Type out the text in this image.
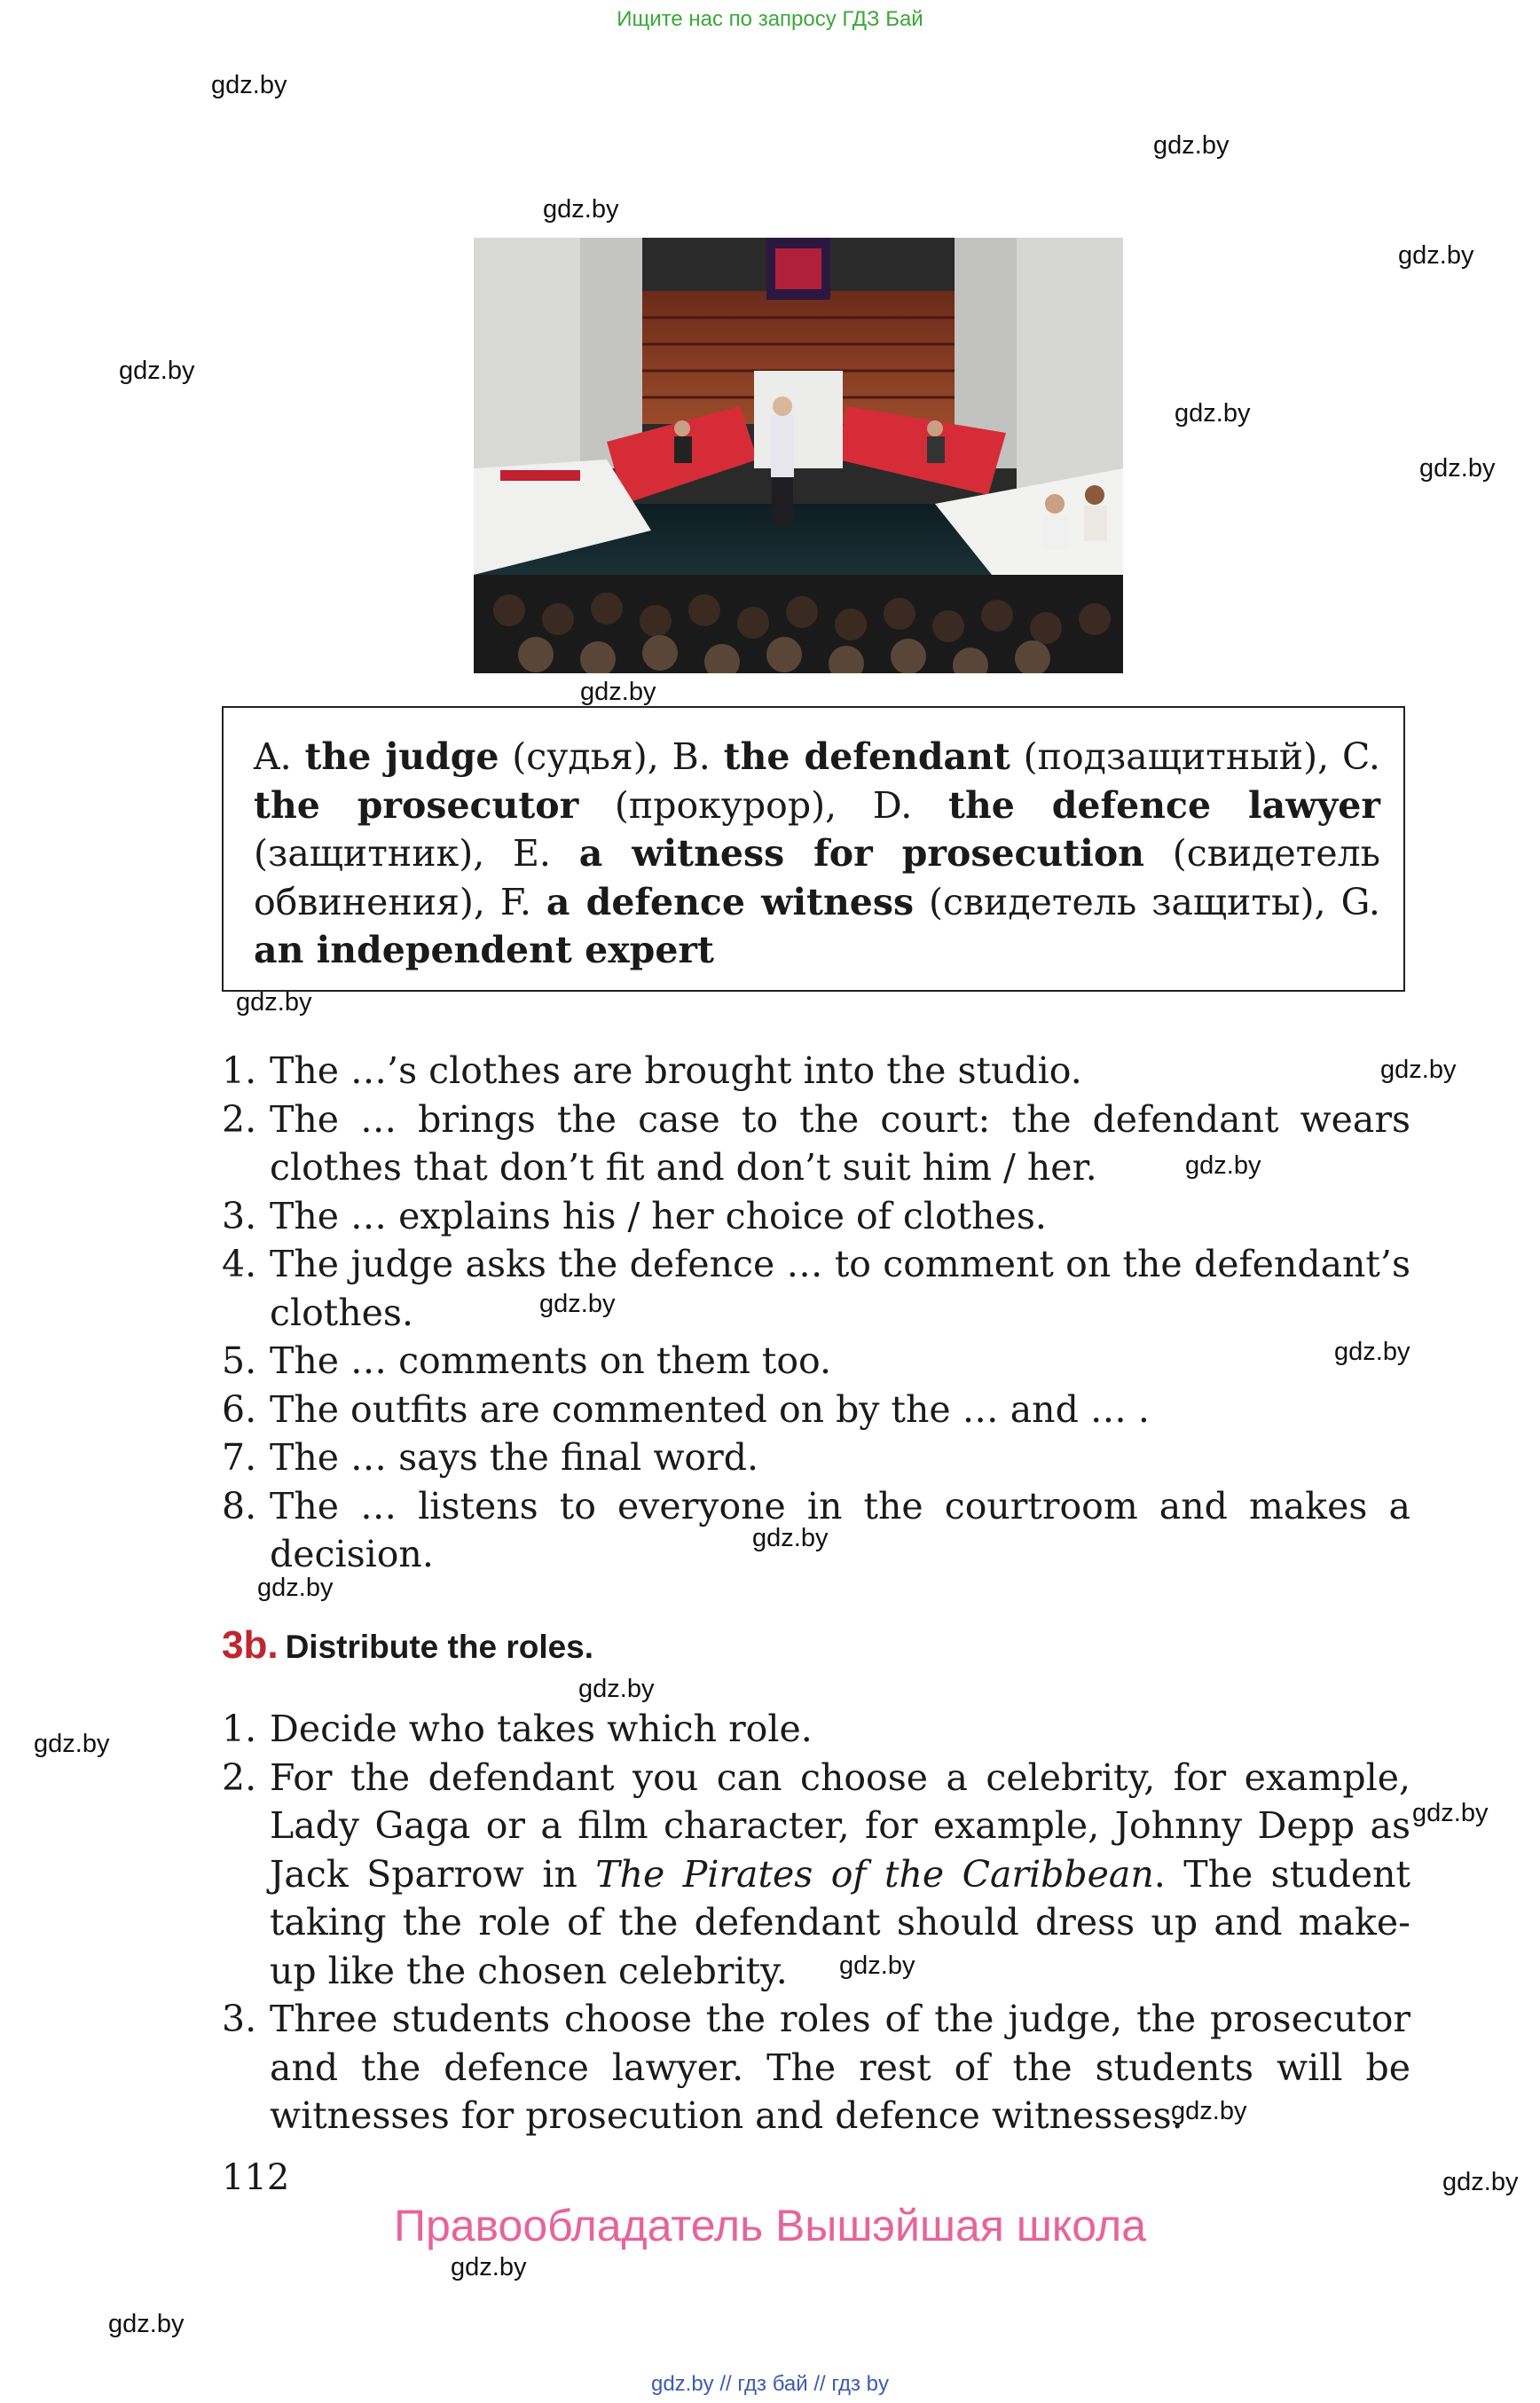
Ищите нас по запросу ГДЗ Бай
gdz.by
gdz.by
gdz.by
gdz.by
gdz.by
gdz.by
gdz.by
gdz.by
gdz.by
gdz.by
gdz.by
gdz.by
gdz.by
gdz.by
gdz.by
gdz.by
gdz.by
gdz.by
gdz.by
gdz.by
gdz.by
gdz.by
gdz.by
A. the judge (судья), B. the defendant (подзащитный), C. the prosecutor (прокурор), D. the defence lawyer (защитник), E. a witness for prosecution (свидетель обвинения), F. a defence witness (свидетель защиты), G. an independent expert
1. The …’s clothes are brought into the studio.
2. The … brings the case to the court: the defendant wears clothes that don’t fit and don’t suit him / her.
3. The … explains his / her choice of clothes.
4. The judge asks the defence … to comment on the defendant’s clothes.
5. The … comments on them too.
6. The outfits are commented on by the … and … .
7. The … says the final word.
8. The … listens to everyone in the courtroom and makes a decision.
3b. Distribute the roles.
1. Decide who takes which role.
2. For the defendant you can choose a celebrity, for example, Lady Gaga or a film character, for example, Johnny Depp as Jack Sparrow in The Pirates of the Caribbean. The student taking the role of the defendant should dress up and make-up like the chosen celebrity.
3. Three students choose the roles of the judge, the prosecutor and the defence lawyer. The rest of the students will be witnesses for prosecution and defence witnesses.
112
Правообладатель Вышэйшая школа
gdz.by // гдз бай // гдз by
